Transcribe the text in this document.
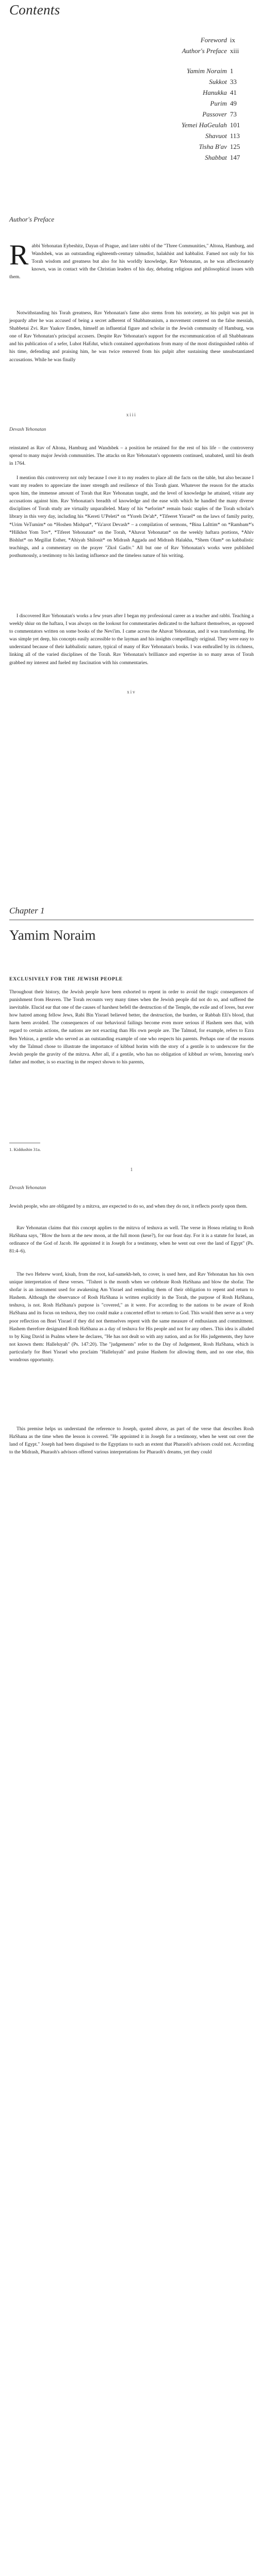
Contents
Foreword ix
Author's Preface xiii
Yamim Noraim 1
Sukkot 33
Hanukka 41
Purim 49
Passover 73
Yemei HaGeulah 101
Shavuot 113
Tisha B'av 125
Shabbat 147
Author's Preface
Rabbi Yehonatan Eybeshitz, Dayan of Prague, and later rabbi of the "Three Communities," Altona, Hamburg, and Wandsbek, was an outstanding eighteenth-century talmudist, halakhist and kabbalist. Famed not only for his Torah wisdom and greatness but also for his worldly knowledge, Rav Yehonatan, as he was affectionately known, was in contact with the Christian leaders of his day, debating religious and philosophical issues with them.
Notwithstanding his Torah greatness, Rav Yehonatan's fame also stems from his notoriety, as his pulpit was put in jeopardy after he was accused of being a secret adherent of Shabbateanism, a movement centered on the false messiah, Shabbetai Zvi. Rav Yaakov Emden, himself an influential figure and scholar in the Jewish community of Hamburg, was one of Rav Yehonatan's principal accusers. Despite Rav Yehonatan's support for the excommunication of all Shabbateans and his publication of a sefer, Luhot HaEdut, which contained approbations from many of the most distinguished rabbis of his time, defending and praising him, he was twice removed from his pulpit after sustaining these unsubstantiated accusations. While he was finally
xiii
Devash Yehonatan
reinstated as Rav of Altona, Hamburg and Wandsbek – a position he retained for the rest of his life – the controversy spread to many major Jewish communities. The attacks on Rav Yehonatan's opponents continued, unabated, until his death in 1764.
I mention this controversy not only because I owe it to my readers to place all the facts on the table, but also because I want my readers to appreciate the inner strength and resilience of this Torah giant. Whatever the reason for the attacks upon him, the immense amount of Torah that Rav Yehonatan taught, and the level of knowledge he attained, vitiate any accusations against him. Rav Yehonatan's breadth of knowledge and the ease with which he handled the many diverse disciplines of Torah study are virtually unparalleled. Many of his *seforim* remain basic staples of the Torah scholar's library in this very day, including his *Kereti U'Peleti* on *Yoreh De'ah*, *Tifeeret Yisrael* on the laws of family purity, *Urim VeTumim* on *Hoshen Mishpat*, *Ya'arot Devash* – a compilation of sermons, *Bina LaIttim* on *Rambam*'s *Hilkhot Yom Tov*, *Tiferet Yehonatan* on the Torah, *Ahavat Yehonatan* on the weekly haftara portions, *Ahiv Bishlut* on Megillat Esther, *Ahiyah Shilonit* on Midrash Aggada and Midrash Halakha, *Shem Olam* on kabbalistic teachings, and a commentary on the prayer "Zkol Gadiv." All but one of Rav Yehonatan's works were published posthumously, a testimony to his lasting influence and the timeless nature of his writing.
I discovered Rav Yehonatan's works a few years after I began my professional career as a teacher and rabbi. Teaching a weekly shiur on the haftara, I was always on the lookout for commentaries dedicated to the haftarot themselves, as opposed to commentators written on some books of the Nevi'im. I came across the Ahavat Yehonatan, and it was transforming. He was simple yet deep, his concepts easily accessible to the layman and his insights compellingly original. They were easy to understand because of their kabbalistic nature, typical of many of Rav Yehonatan's books. I was enthralled by its richness, linking all of the varied disciplines of the Torah. Rav Yehonatan's brilliance and expertise in so many areas of Torah grabbed my interest and fueled my fascination with his commentaries.
xiv
Chapter 1
Yamim Noraim
EXCLUSIVELY FOR THE JEWISH PEOPLE
Throughout their history, the Jewish people have been exhorted to repent in order to avoid the tragic consequences of punishment from Heaven. The Torah recounts very many times when the Jewish people did not do so, and suffered the inevitable. Elucid ear that one of the causes of harshest befell the destruction of the Temple, the exile and of loves, but ever how hatred among fellow Jews, Rabi Bin Yisrael believed better, the destruction, the burden, or Rabbah Eli's blood, that harm been avoided. The consequences of our behavioral failings become even more serious if Hashem sees that, with regard to certain actions, the nations are not exacting than His own people are. The Talmud, for example, refers to Ezra Ben Yehiras, a gentile who served as an outstanding example of one who respects his parents. Perhaps one of the reasons why the Talmud chose to illustrate the importance of kibbud horim with the story of a gentile is to underscore for the Jewish people the gravity of the mitzva. After all, if a gentile, who has no obligation of kibbud av ve'em, honoring one's father and mother, is so exacting in the respect shown to his parents,
1. Kiddushin 31a.
1
Devash Yehonatan
Jewish people, who are obligated by a mitzva, are expected to do so, and when they do not, it reflects poorly upon them.
Rav Yehonatan claims that this concept applies to the mitzva of teshuva as well. The verse in Hosea relating to Rosh HaShana says, "Blow the horn at the new moon, at the full moon (kese?), for our feast day. For it is a statute for Israel, an ordinance of the God of Jacob. He appointed it in Joseph for a testimony, when he went out over the land of Egypt" (Ps. 81:4–6).
The two Hebrew word, kisah, from the root, kaf-samekh-heh, to cover, is used here, and Rav Yehonatan has his own unique interpretation of these verses. "Tishrei is the month when we celebrate Rosh HaShana and blow the shofar. The shofar is an instrument used for awakening Am Yisrael and reminding them of their obligation to repent and return to Hashem. Although the observance of Rosh HaShana is written explicitly in the Torah, the purpose of Rosh HaShana, teshuva, is not. Rosh HaShana's purpose is "covered," as it were. For according to the nations to be aware of Rosh HaShana and its focus on teshuva, they too could make a concerted effort to return to God. This would then serve as a very poor reflection on Bnei Yisrael if they did not themselves repent with the same measure of enthusiasm and commitment. Hashem therefore designated Rosh HaShana as a day of teshuva for His people and not for any others. This idea is alluded to by King David in Psalms where he declares, "He has not dealt so with any nation, and as for His judgements, they have not known them: Halleluyah" (Ps. 147:20). The "judgements" refer to the Day of Judgement, Rosh HaShana, which is particularly for Bnei Yisrael who proclaim "Halleluyah" and praise Hashem for allowing them, and no one else, this wondrous opportunity.
This premise helps us understand the reference to Joseph, quoted above, as part of the verse that describes Rosh HaShana as the time when the lesson is covered. "He appointed it in Joseph for a testimony, when he went out over the land of Egypt." Joseph had been disguised to the Egyptians to such an extent that Pharaoh's advisors could not. According to the Midrash, Pharaoh's advisors offered various interpretations for Pharaoh's dreams, yet they could
